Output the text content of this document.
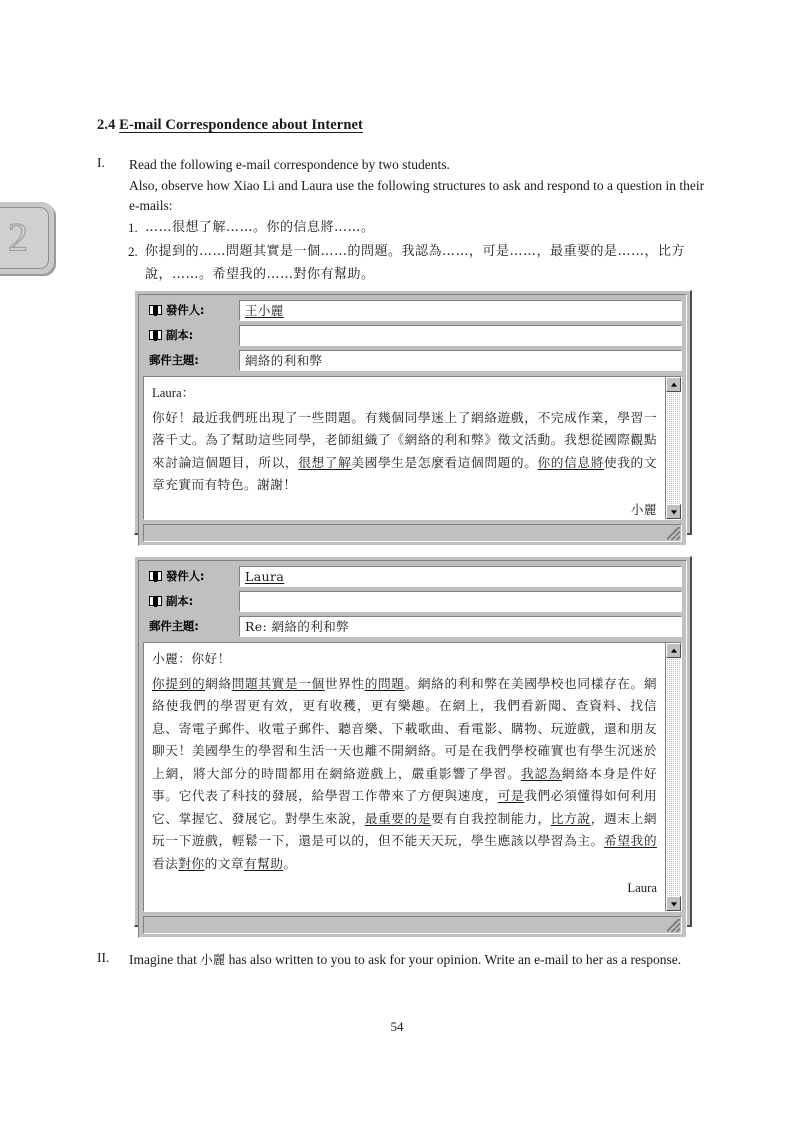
2
2.4 E-mail Correspondence about Internet
I.	Read the following e-mail correspondence by two students.
Also, observe how Xiao Li and Laura use the following structures to ask and respond to a question in their e-mails:
1. ……很想了解……。你的信息將……。
2. 你提到的……問題其實是一個……的問題。我認為……，可是……，最重要的是……，比方說，……。希望我的……對你有幫助。
發件人:	王小麗
副本:
郵件主題:	網絡的利和弊
Laura：
你好！最近我們班出現了一些問題。有幾個同學迷上了網絡遊戲，不完成作業，學習一落千丈。為了幫助這些同學，老師組織了《網絡的利和弊》徵文活動。我想從國際觀點來討論這個題目，所以，很想了解美國學生是怎麼看這個問題的。你的信息將使我的文章充實而有特色。謝謝！
小麗
發件人:	Laura
副本:
郵件主題:	Re: 網絡的利和弊
小麗：你好！
你提到的網絡問題其實是一個世界性的問題。網絡的利和弊在美國學校也同樣存在。網絡使我們的學習更有效，更有收穫，更有樂趣。在網上，我們看新聞、查資料、找信息、寄電子郵件、收電子郵件、聽音樂、下載歌曲、看電影、購物、玩遊戲，還和朋友聊天！美國學生的學習和生活一天也離不開網絡。可是在我們學校確實也有學生沉迷於上網，將大部分的時間都用在網絡遊戲上，嚴重影響了學習。我認為網絡本身是件好事。它代表了科技的發展，給學習工作帶來了方便與速度，可是我們必須懂得如何利用它、掌握它、發展它。對學生來說，最重要的是要有自我控制能力，比方說，週末上網玩一下遊戲，輕鬆一下，還是可以的，但不能天天玩，學生應該以學習為主。希望我的看法對你的文章有幫助。
Laura
II.	Imagine that 小麗 has also written to you to ask for your opinion. Write an e-mail to her as a response.
54
